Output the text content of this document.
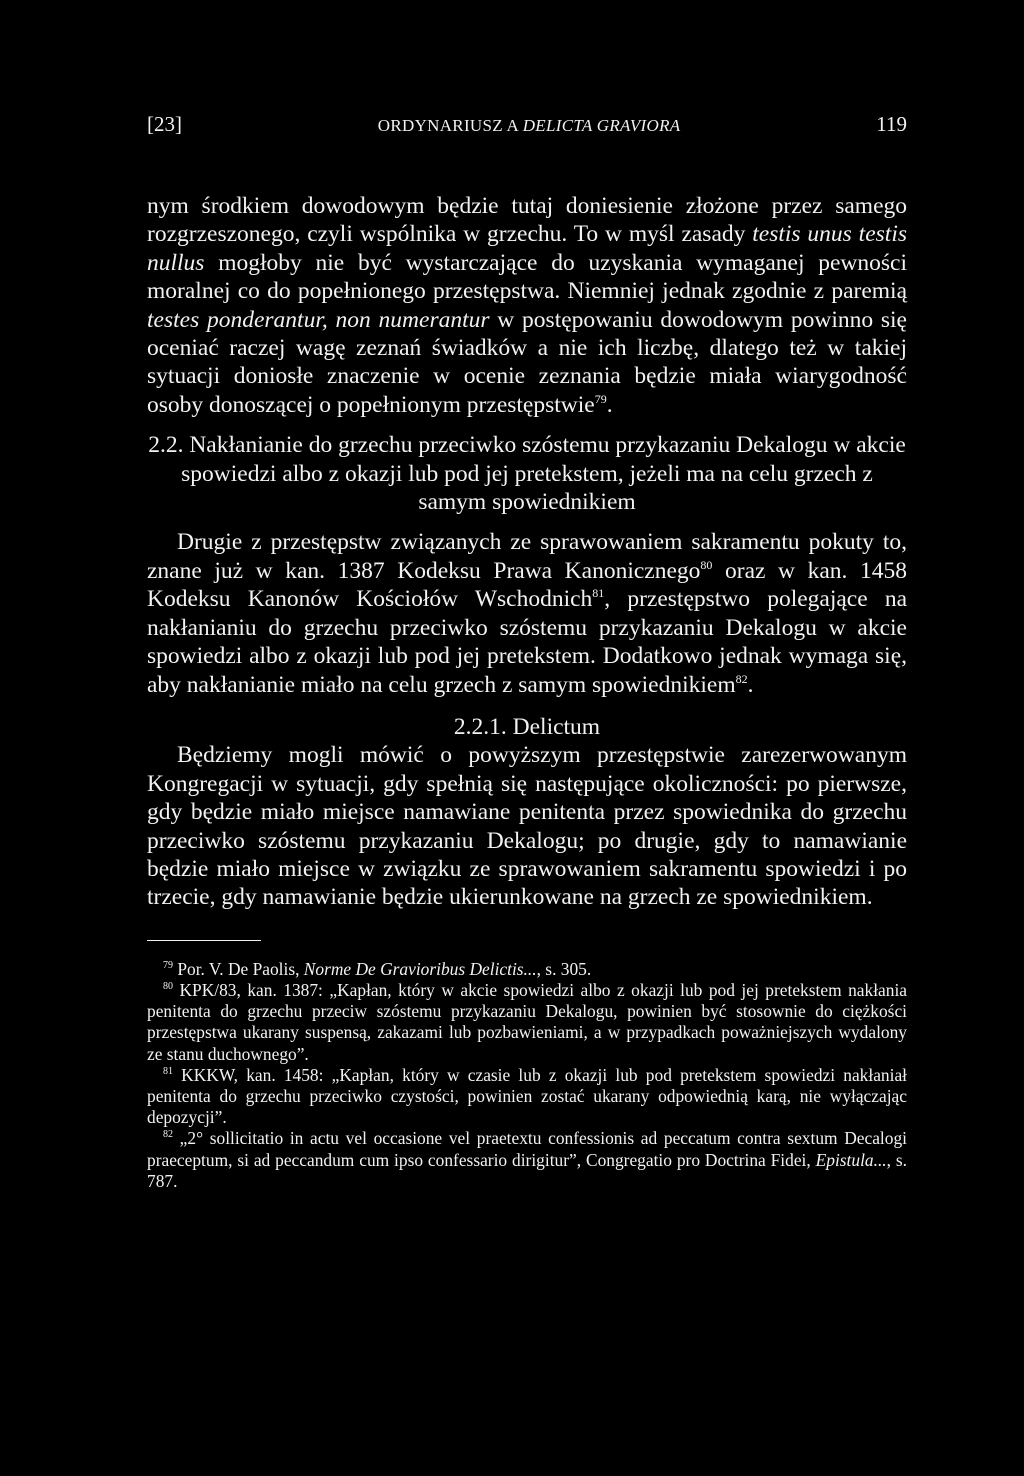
[23]	ORDYNARIUSZ A DELICTA GRAVIORA	119

nym środkiem dowodowym będzie tutaj doniesienie złożone przez samego rozgrzeszonego, czyli wspólnika w grzechu. To w myśl zasady testis unus testis nullus mogłoby nie być wystarczające do uzyskania wymaganej pewności moralnej co do popełnionego przestępstwa. Niemniej jednak zgodnie z paremią testes ponderantur, non numerantur w postępowaniu dowodowym powinno się oceniać raczej wagę zeznań świadków a nie ich liczbę, dlatego też w takiej sytuacji doniosłe znaczenie w ocenie zeznania będzie miała wiarygodność osoby donoszącej o popełnionym przestępstwie$^{79}$.

2.2. Nakłanianie do grzechu przeciwko szóstemu przykazaniu Dekalogu w akcie spowiedzi albo z okazji lub pod jej pretekstem, jeżeli ma na celu grzech z samym spowiednikiem

Drugie z przestępstw związanych ze sprawowaniem sakramentu pokuty to, znane już w kan. 1387 Kodeksu Prawa Kanonicznego$^{80}$ oraz w kan. 1458 Kodeksu Kanonów Kościołów Wschodnich$^{81}$, przestępstwo polegające na nakłanianiu do grzechu przeciwko szóstemu przykazaniu Dekalogu w akcie spowiedzi albo z okazji lub pod jej pretekstem. Dodatkowo jednak wymaga się, aby nakłanianie miało na celu grzech z samym spowiednikiem$^{82}$.

2.2.1. Delictum

Będziemy mogli mówić o powyższym przestępstwie zarezerwowanym Kongregacji w sytuacji, gdy spełnią się następujące okoliczności: po pierwsze, gdy będzie miało miejsce namawiane penitenta przez spowiednika do grzechu przeciwko szóstemu przykazaniu Dekalogu; po drugie, gdy to namawianie będzie miało miejsce w związku ze sprawowaniem sakramentu spowiedzi i po trzecie, gdy namawianie będzie ukierunkowane na grzech ze spowiednikiem.

$^{79}$ Por. V. De Paolis, Norme De Gravioribus Delictis..., s. 305.

$^{80}$ KPK/83, kan. 1387: „Kapłan, który w akcie spowiedzi albo z okazji lub pod jej pretekstem nakłania penitenta do grzechu przeciw szóstemu przykazaniu Dekalogu, powinien być stosownie do ciężkości przestępstwa ukarany suspensą, zakazami lub pozbawieniami, a w przypadkach poważniejszych wydalony ze stanu duchownego”.

$^{81}$ KKKW, kan. 1458: „Kapłan, który w czasie lub z okazji lub pod pretekstem spowiedzi nakłaniał penitenta do grzechu przeciwko czystości, powinien zostać ukarany odpowiednią karą, nie wyłączając depozycji”.

$^{82}$ „2° sollicitatio in actu vel occasione vel praetextu confessionis ad peccatum contra sextum Decalogi praeceptum, si ad peccandum cum ipso confessario dirigitur”, Congregatio pro Doctrina Fidei, Epistula..., s. 787.
